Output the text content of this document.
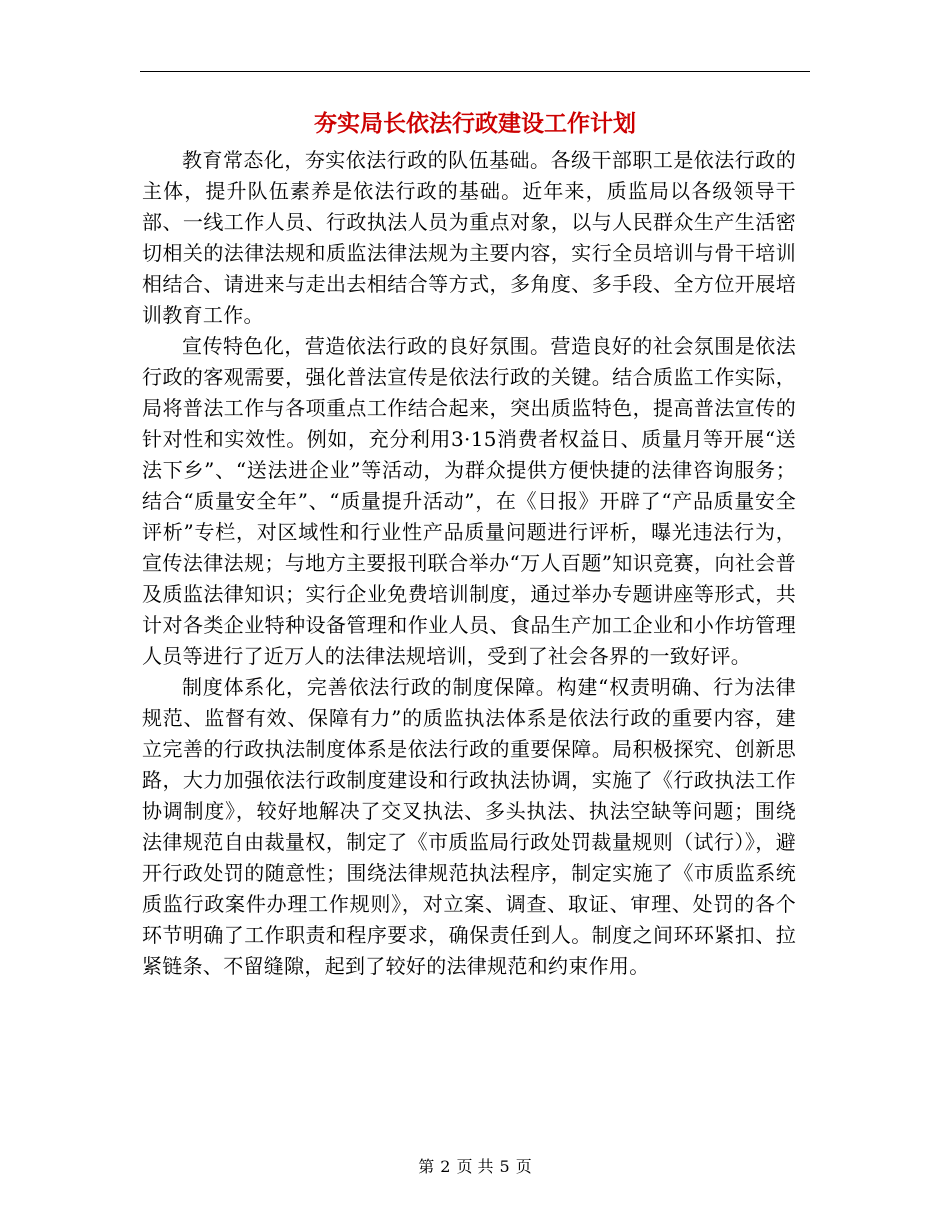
夯实局长依法行政建设工作计划

教育常态化，夯实依法行政的队伍基础。各级干部职工是依法行政的主体，提升队伍素养是依法行政的基础。近年来，质监局以各级领导干部、一线工作人员、行政执法人员为重点对象，以与人民群众生产生活密切相关的法律法规和质监法律法规为主要内容，实行全员培训与骨干培训相结合、请进来与走出去相结合等方式，多角度、多手段、全方位开展培训教育工作。

宣传特色化，营造依法行政的良好氛围。营造良好的社会氛围是依法行政的客观需要，强化普法宣传是依法行政的关键。结合质监工作实际，局将普法工作与各项重点工作结合起来，突出质监特色，提高普法宣传的针对性和实效性。例如，充分利用3·15消费者权益日、质量月等开展“送法下乡”、“送法进企业”等活动，为群众提供方便快捷的法律咨询服务；结合“质量安全年”、“质量提升活动”，在《日报》开辟了“产品质量安全评析”专栏，对区域性和行业性产品质量问题进行评析，曝光违法行为，宣传法律法规；与地方主要报刊联合举办“万人百题”知识竞赛，向社会普及质监法律知识；实行企业免费培训制度，通过举办专题讲座等形式，共计对各类企业特种设备管理和作业人员、食品生产加工企业和小作坊管理人员等进行了近万人的法律法规培训，受到了社会各界的一致好评。

制度体系化，完善依法行政的制度保障。构建“权责明确、行为法律规范、监督有效、保障有力”的质监执法体系是依法行政的重要内容，建立完善的行政执法制度体系是依法行政的重要保障。局积极探究、创新思路，大力加强依法行政制度建设和行政执法协调，实施了《行政执法工作协调制度》，较好地解决了交叉执法、多头执法、执法空缺等问题；围绕法律规范自由裁量权，制定了《市质监局行政处罚裁量规则（试行）》，避开行政处罚的随意性；围绕法律规范执法程序，制定实施了《市质监系统质监行政案件办理工作规则》，对立案、调查、取证、审理、处罚的各个环节明确了工作职责和程序要求，确保责任到人。制度之间环环紧扣、拉紧链条、不留缝隙，起到了较好的法律规范和约束作用。

第 2 页 共 5 页
